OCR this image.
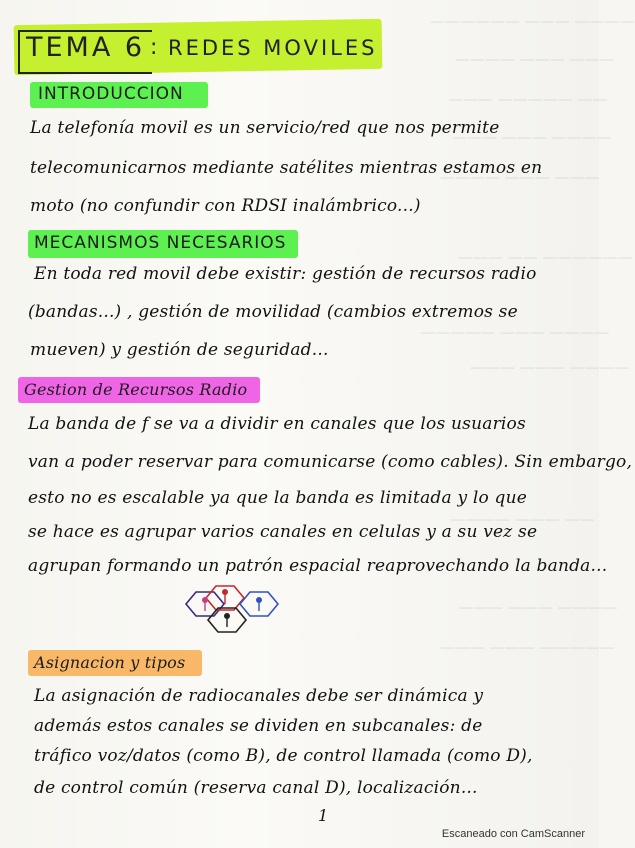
—————— ——— ————
———— ——— ———
——— ————— ——
——— ——— ————
———— ——— ———
——— —— ——————
————— ——— ————
——— ——— ————
———— ——— ——
——— ——— ————
——— ——— —————
TEMA 6 : REDES MOVILES
INTRODUCCION
La telefonía movil es un servicio/red que nos permite
telecomunicarnos mediante satélites mientras estamos en
moto (no confundir con RDSI inalámbrico...)
MECANISMOS NECESARIOS
En toda red movil debe existir: gestión de recursos radio
(bandas...) , gestión de movilidad (cambios extremos se
mueven) y gestión de seguridad...
Gestion de Recursos Radio
La banda de f se va a dividir en canales que los usuarios
van a poder reservar para comunicarse (como cables). Sin embargo,
esto no es escalable ya que la banda es limitada y lo que
se hace es agrupar varios canales en celulas y a su vez se
agrupan formando un patrón espacial reaprovechando la banda...
Asignacion y tipos
La asignación de radiocanales debe ser dinámica y
además estos canales se dividen en subcanales: de
tráfico voz/datos (como B), de control llamada (como D),
de control común (reserva canal D), localización...
1
Escaneado con CamScanner
